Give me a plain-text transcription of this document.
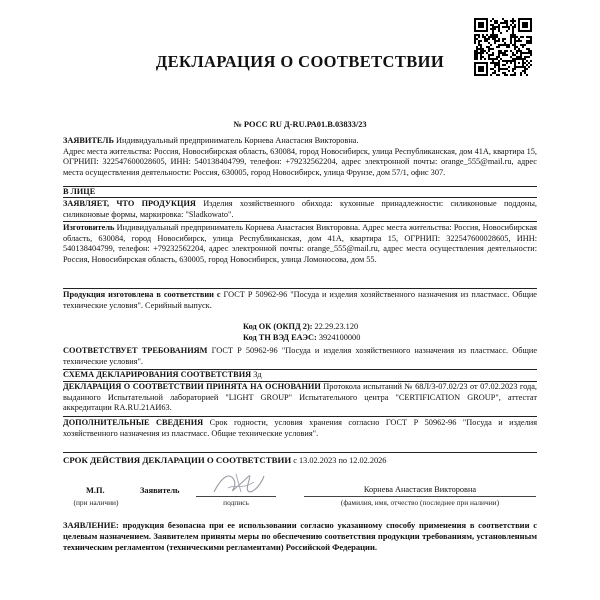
ДЕКЛАРАЦИЯ О СООТВЕТСТВИИ
№ РОСС RU Д-RU.РА01.В.03833/23
ЗАЯВИТЕЛЬ Индивидуальный предприниматель Корнева Анастасия Викторовна.
Адрес места жительства: Россия, Новосибирская область, 630084, город Новосибирск, улица Республиканская, дом 41А, квартира 15, ОГРНИП: 322547600028605, ИНН: 540138404799, телефон: +79232562204, адрес электронной почты: orange_555@mail.ru, адрес места осуществления деятельности: Россия, 630005, город Новосибирск, улица Фрунзе, дом 57/1, офис 307.
В ЛИЦЕ
ЗАЯВЛЯЕТ, ЧТО ПРОДУКЦИЯ Изделия хозяйственного обихода: кухонные принадлежности: силиконовые поддоны, силиконовые формы, маркировка: "Sladkowato".
Изготовитель Индивидуальный предприниматель Корнева Анастасия Викторовна. Адрес места жительства: Россия, Новосибирская область, 630084, город Новосибирск, улица Республиканская, дом 41А, квартира 15, ОГРНИП: 322547600028605, ИНН: 540138404799, телефон: +79232562204, адрес электронной почты: orange_555@mail.ru, адрес места осуществления деятельности: Россия, Новосибирская область, 630005, город Новосибирск, улица Ломоносова, дом 55.
Продукция изготовлена в соответствии с ГОСТ Р 50962-96 "Посуда и изделия хозяйственного назначения из пластмасс. Общие технические условия". Серийный выпуск.
Код ОК (ОКПД 2): 22.29.23.120
Код ТН ВЭД ЕАЭС: 3924100000
СООТВЕТСТВУЕТ ТРЕБОВАНИЯМ ГОСТ Р 50962-96 "Посуда и изделия хозяйственного назначения из пластмасс. Общие технические условия".
СХЕМА ДЕКЛАРИРОВАНИЯ СООТВЕТСТВИЯ 3д
ДЕКЛАРАЦИЯ О СООТВЕТСТВИИ ПРИНЯТА НА ОСНОВАНИИ Протокола испытаний № 68Л/3-07.02/23 от 07.02.2023 года, выданного Испытательной лабораторией "LIGHT GROUP" Испытательного центра "CERTIFICATION GROUP", аттестат аккредитации RA.RU.21АИ63.
ДОПОЛНИТЕЛЬНЫЕ СВЕДЕНИЯ Срок годности, условия хранения согласно ГОСТ Р 50962-96 "Посуда и изделия хозяйственного назначения из пластмасс. Общие технические условия".
СРОК ДЕЙСТВИЯ ДЕКЛАРАЦИИ О СООТВЕТСТВИИ с 13.02.2023 по 12.02.2026
М.П.
(при наличии)
Заявитель
подпись
Корнева Анастасия Викторовна
(фамилия, имя, отчество (последнее при наличии)
ЗАЯВЛЕНИЕ: продукция безопасна при ее использовании согласно указанному способу применения в соответствии с целевым назначением. Заявителем приняты меры по обеспечению соответствия продукции требованиям, установленным техническим регламентом (техническими регламентами) Российской Федерации.
